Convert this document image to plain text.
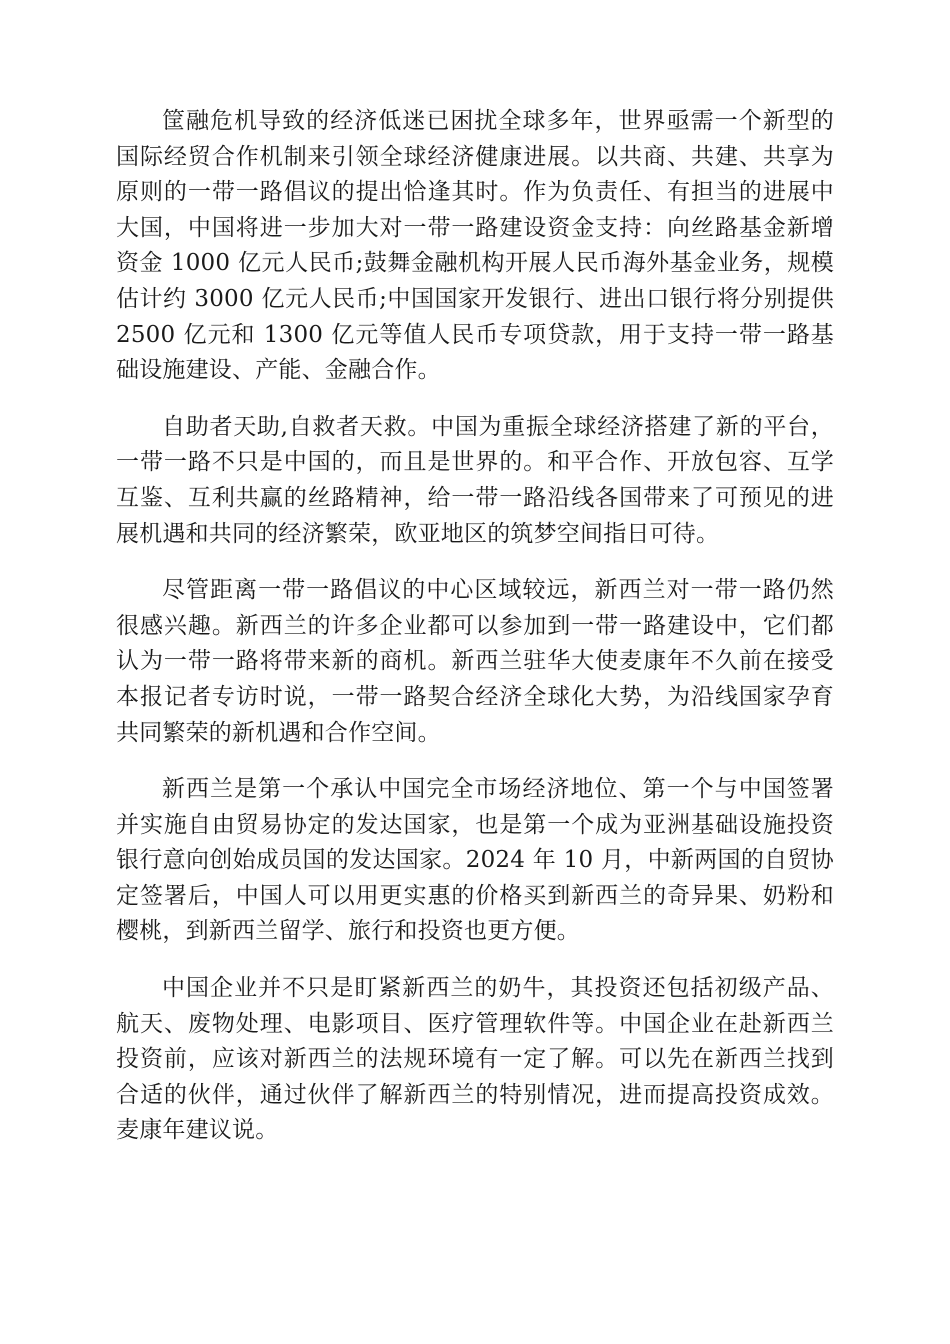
筐融危机导致的经济低迷已困扰全球多年，世界亟需一个新型的国际经贸合作机制来引领全球经济健康进展。以共商、共建、共享为原则的一带一路倡议的提出恰逢其时。作为负责任、有担当的进展中大国，中国将进一步加大对一带一路建设资金支持：向丝路基金新增资金 1000 亿元人民币;鼓舞金融机构开展人民币海外基金业务，规模估计约 3000 亿元人民币;中国国家开发银行、进出口银行将分别提供 2500 亿元和 1300 亿元等值人民币专项贷款，用于支持一带一路基础设施建设、产能、金融合作。

自助者天助,自救者天救。中国为重振全球经济搭建了新的平台，一带一路不只是中国的，而且是世界的。和平合作、开放包容、互学互鉴、互利共赢的丝路精神，给一带一路沿线各国带来了可预见的进展机遇和共同的经济繁荣，欧亚地区的筑梦空间指日可待。

尽管距离一带一路倡议的中心区域较远，新西兰对一带一路仍然很感兴趣。新西兰的许多企业都可以参加到一带一路建设中，它们都认为一带一路将带来新的商机。新西兰驻华大使麦康年不久前在接受本报记者专访时说，一带一路契合经济全球化大势，为沿线国家孕育共同繁荣的新机遇和合作空间。

新西兰是第一个承认中国完全市场经济地位、第一个与中国签署并实施自由贸易协定的发达国家，也是第一个成为亚洲基础设施投资银行意向创始成员国的发达国家。2024 年 10 月，中新两国的自贸协定签署后，中国人可以用更实惠的价格买到新西兰的奇异果、奶粉和樱桃，到新西兰留学、旅行和投资也更方便。

中国企业并不只是盯紧新西兰的奶牛，其投资还包括初级产品、航天、废物处理、电影项目、医疗管理软件等。中国企业在赴新西兰投资前，应该对新西兰的法规环境有一定了解。可以先在新西兰找到合适的伙伴，通过伙伴了解新西兰的特别情况，进而提高投资成效。麦康年建议说。
